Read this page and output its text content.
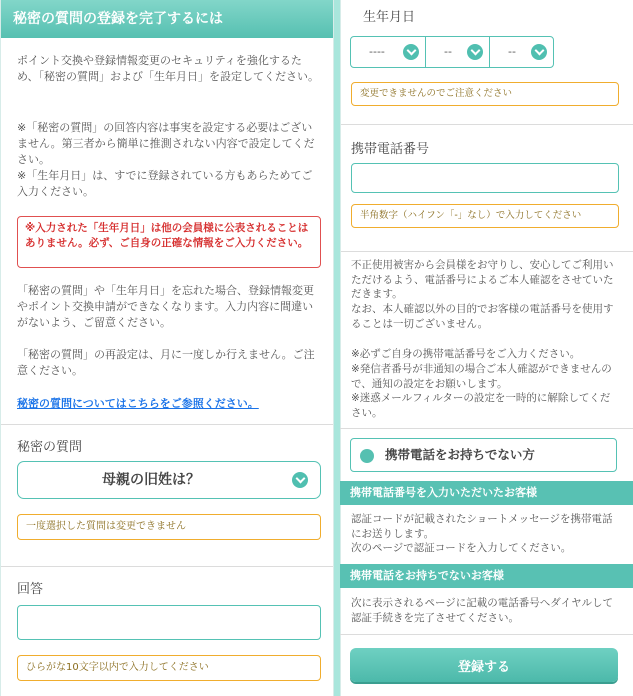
秘密の質問の登録を完了するには

ポイント交換や登録情報変更のセキュリティを強化するため、「秘密の質問」および「生年月日」を設定してください。

※「秘密の質問」の回答内容は事実を設定する必要はございません。第三者から簡単に推測されない内容で設定してください。

※「生年月日」は、すでに登録されている方もあらためてご入力ください。

※入力された「生年月日」は他の会員様に公表されることはありません。必ず、ご自身の正確な情報をご入力ください。

「秘密の質問」や「生年月日」を忘れた場合、登録情報変更やポイント交換申請ができなくなります。入力内容に間違いがないよう、ご留意ください。

「秘密の質問」の再設定は、月に一度しか行えません。ご注意ください。

秘密の質問についてはこちらをご参照ください。
秘密の質問
母親の旧姓は？
一度選択した質問は変更できません
回答
ひらがな10文字以内で入力してください
生年月日
----	--	--
変更できませんのでご注意ください
携帯電話番号
半角数字（ハイフン「-」なし）で入力してください

不正使用被害から会員様をお守りし、安心してご利用いただけるよう、電話番号によるご本人確認をさせていただきます。

なお、本人確認以外の目的でお客様の電話番号を使用することは一切ございません。

※必ずご自身の携帯電話番号をご入力ください。

※発信者番号が非通知の場合ご本人確認ができませんので、通知の設定をお願いします。

※迷惑メールフィルターの設定を一時的に解除してください。

携帯電話をお持ちでない方
携帯電話番号を入力いただいたお客様

認証コードが記載されたショートメッセージを携帯電話にお送りします。

次のページで認証コードを入力してください。

携帯電話をお持ちでないお客様

次に表示されるページに記載の電話番号へダイヤルして認証手続きを完了させてください。

登録する
